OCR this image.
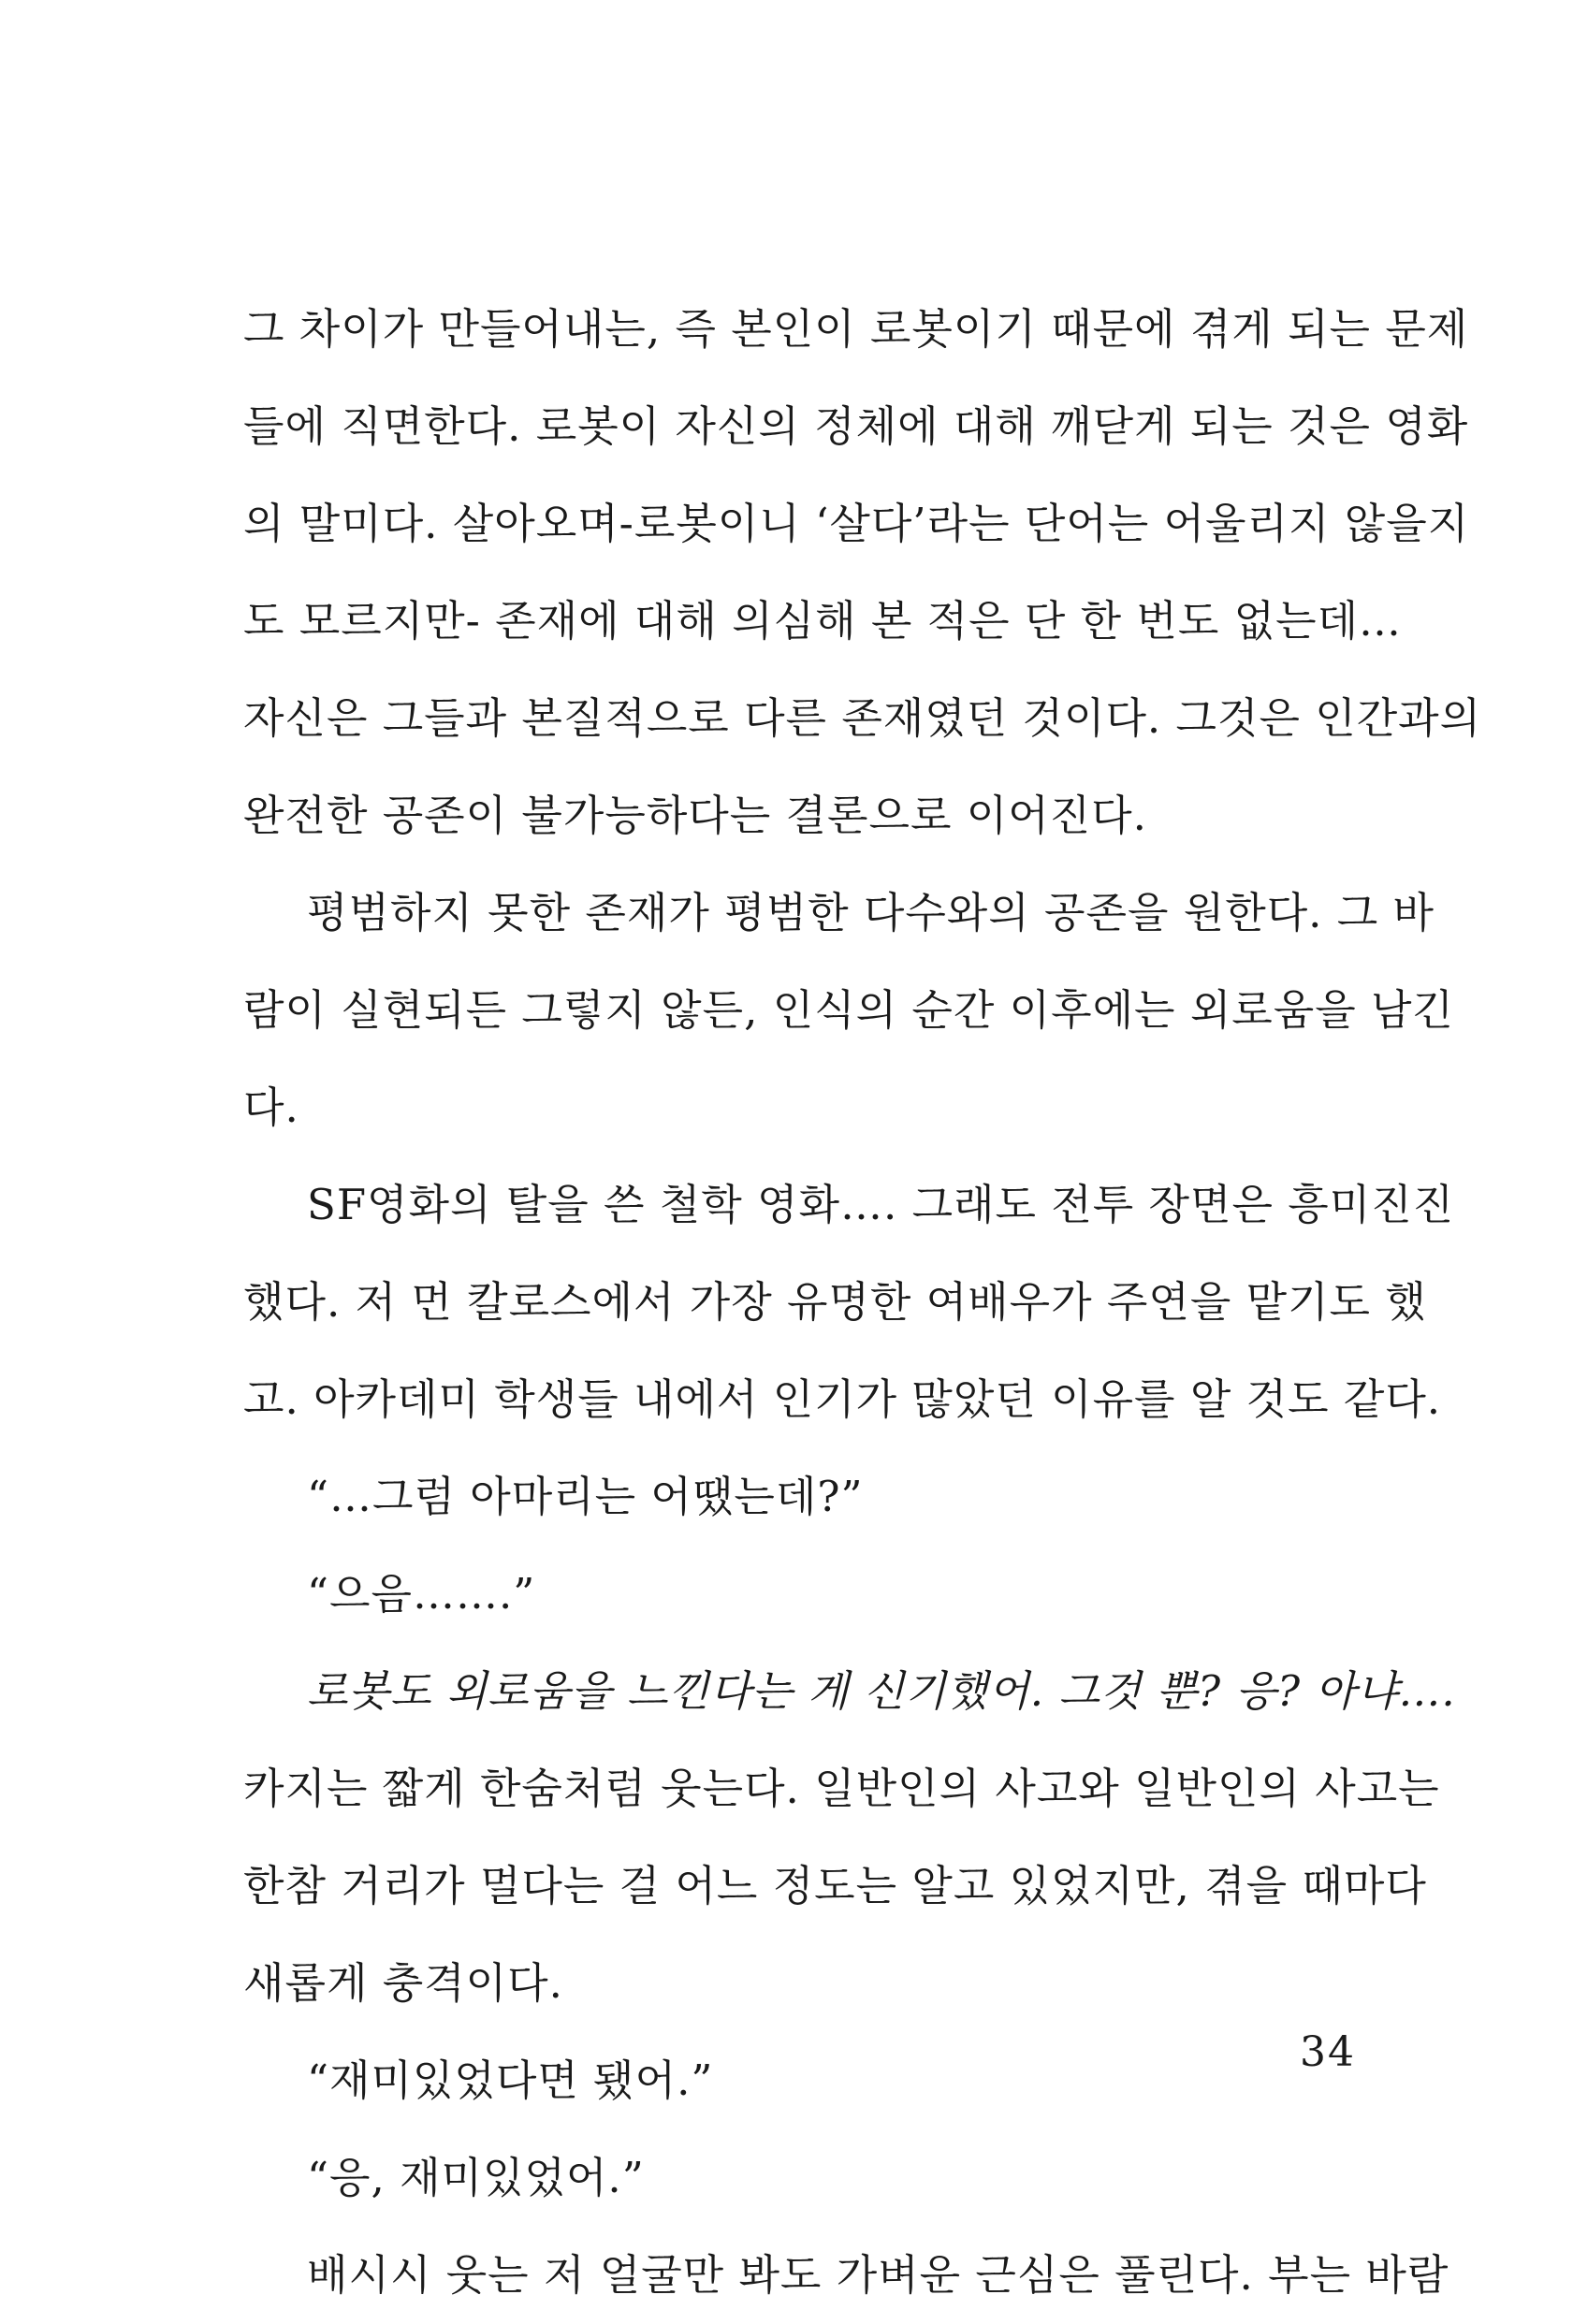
그 차이가 만들어내는, 즉 본인이 로봇이기 때문에 겪게 되는 문제
들에 직면한다. 로봇이 자신의 정체에 대해 깨닫게 되는 것은 영화
의 말미다. 살아오며-로봇이니 ‘살다’라는 단어는 어울리지 않을지
도 모르지만- 존재에 대해 의심해 본 적은 단 한 번도 없는데…
자신은 그들과 본질적으로 다른 존재였던 것이다. 그것은 인간과의
완전한 공존이 불가능하다는 결론으로 이어진다.
평범하지 못한 존재가 평범한 다수와의 공존을 원한다. 그 바
람이 실현되든 그렇지 않든, 인식의 순간 이후에는 외로움을 남긴
다.
SF영화의 탈을 쓴 철학 영화…. 그래도 전투 장면은 흥미진진
했다. 저 먼 칼로스에서 가장 유명한 여배우가 주연을 맡기도 했
고. 아카데미 학생들 내에서 인기가 많았던 이유를 알 것도 같다.
“…그럼 아마리는 어땠는데?”
“으음…….”
로봇도 외로움을 느낀다는 게 신기했어. 그것 뿐? 응? 아냐….
카지는 짧게 한숨처럼 웃는다. 일반인의 사고와 일반인의 사고는
한참 거리가 멀다는 걸 어느 정도는 알고 있었지만, 겪을 때마다
새롭게 충격이다.
“재미있었다면 됐어.”
“응, 재미있었어.”
배시시 웃는 저 얼굴만 봐도 가벼운 근심은 풀린다. 부는 바람
34
